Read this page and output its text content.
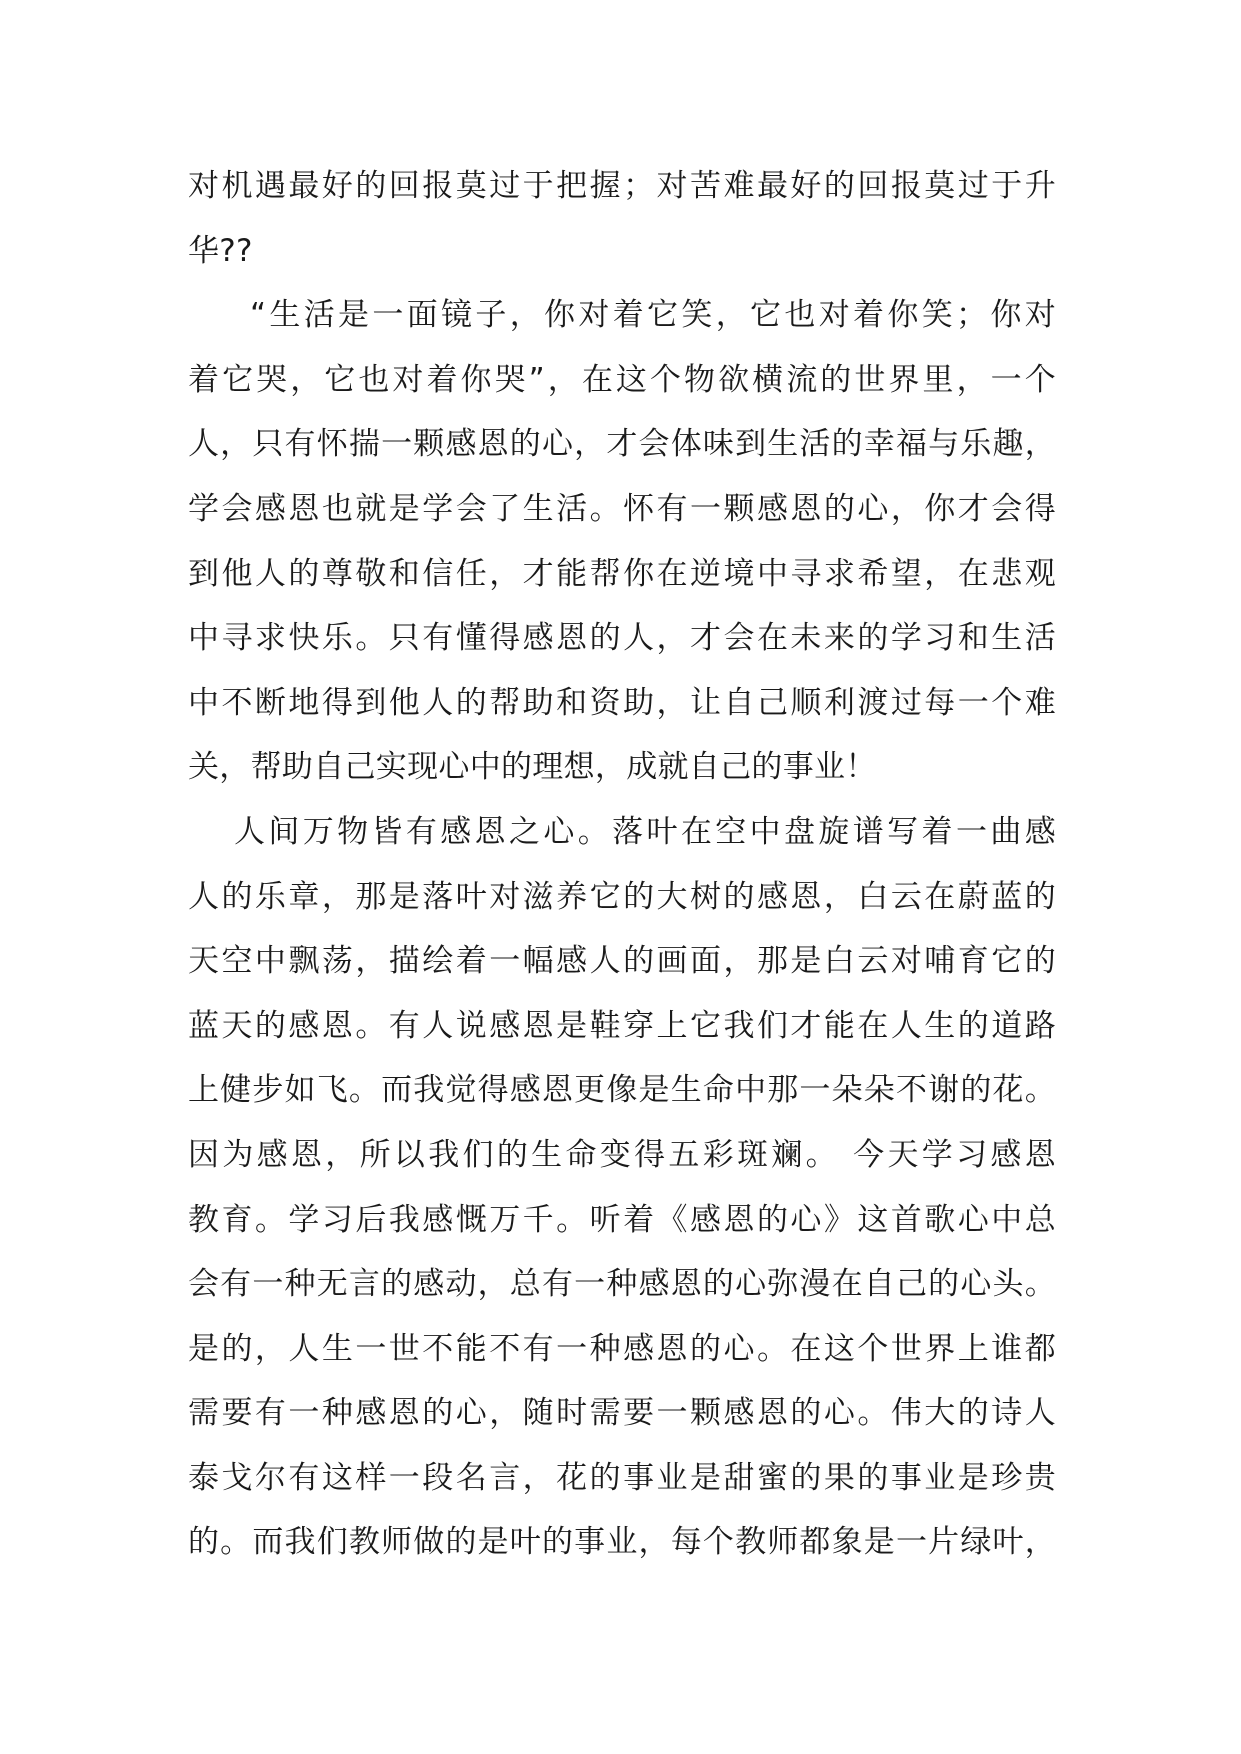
对机遇最好的回报莫过于把握；对苦难最好的回报莫过于升
华??
“生活是一面镜子，你对着它笑，它也对着你笑；你对
着它哭，它也对着你哭”，在这个物欲横流的世界里，一个
人，只有怀揣一颗感恩的心，才会体味到生活的幸福与乐趣，
学会感恩也就是学会了生活。怀有一颗感恩的心，你才会得
到他人的尊敬和信任，才能帮你在逆境中寻求希望，在悲观
中寻求快乐。只有懂得感恩的人，才会在未来的学习和生活
中不断地得到他人的帮助和资助，让自己顺利渡过每一个难
关，帮助自己实现心中的理想，成就自己的事业！
人间万物皆有感恩之心。落叶在空中盘旋谱写着一曲感
人的乐章，那是落叶对滋养它的大树的感恩，白云在蔚蓝的
天空中飘荡，描绘着一幅感人的画面，那是白云对哺育它的
蓝天的感恩。有人说感恩是鞋穿上它我们才能在人生的道路
上健步如飞。而我觉得感恩更像是生命中那一朵朵不谢的花。
因为感恩，所以我们的生命变得五彩斑斓。 今天学习感恩
教育。学习后我感慨万千。听着《感恩的心》这首歌心中总
会有一种无言的感动，总有一种感恩的心弥漫在自己的心头。
是的，人生一世不能不有一种感恩的心。在这个世界上谁都
需要有一种感恩的心，随时需要一颗感恩的心。伟大的诗人
泰戈尔有这样一段名言，花的事业是甜蜜的果的事业是珍贵
的。而我们教师做的是叶的事业，每个教师都象是一片绿叶，
